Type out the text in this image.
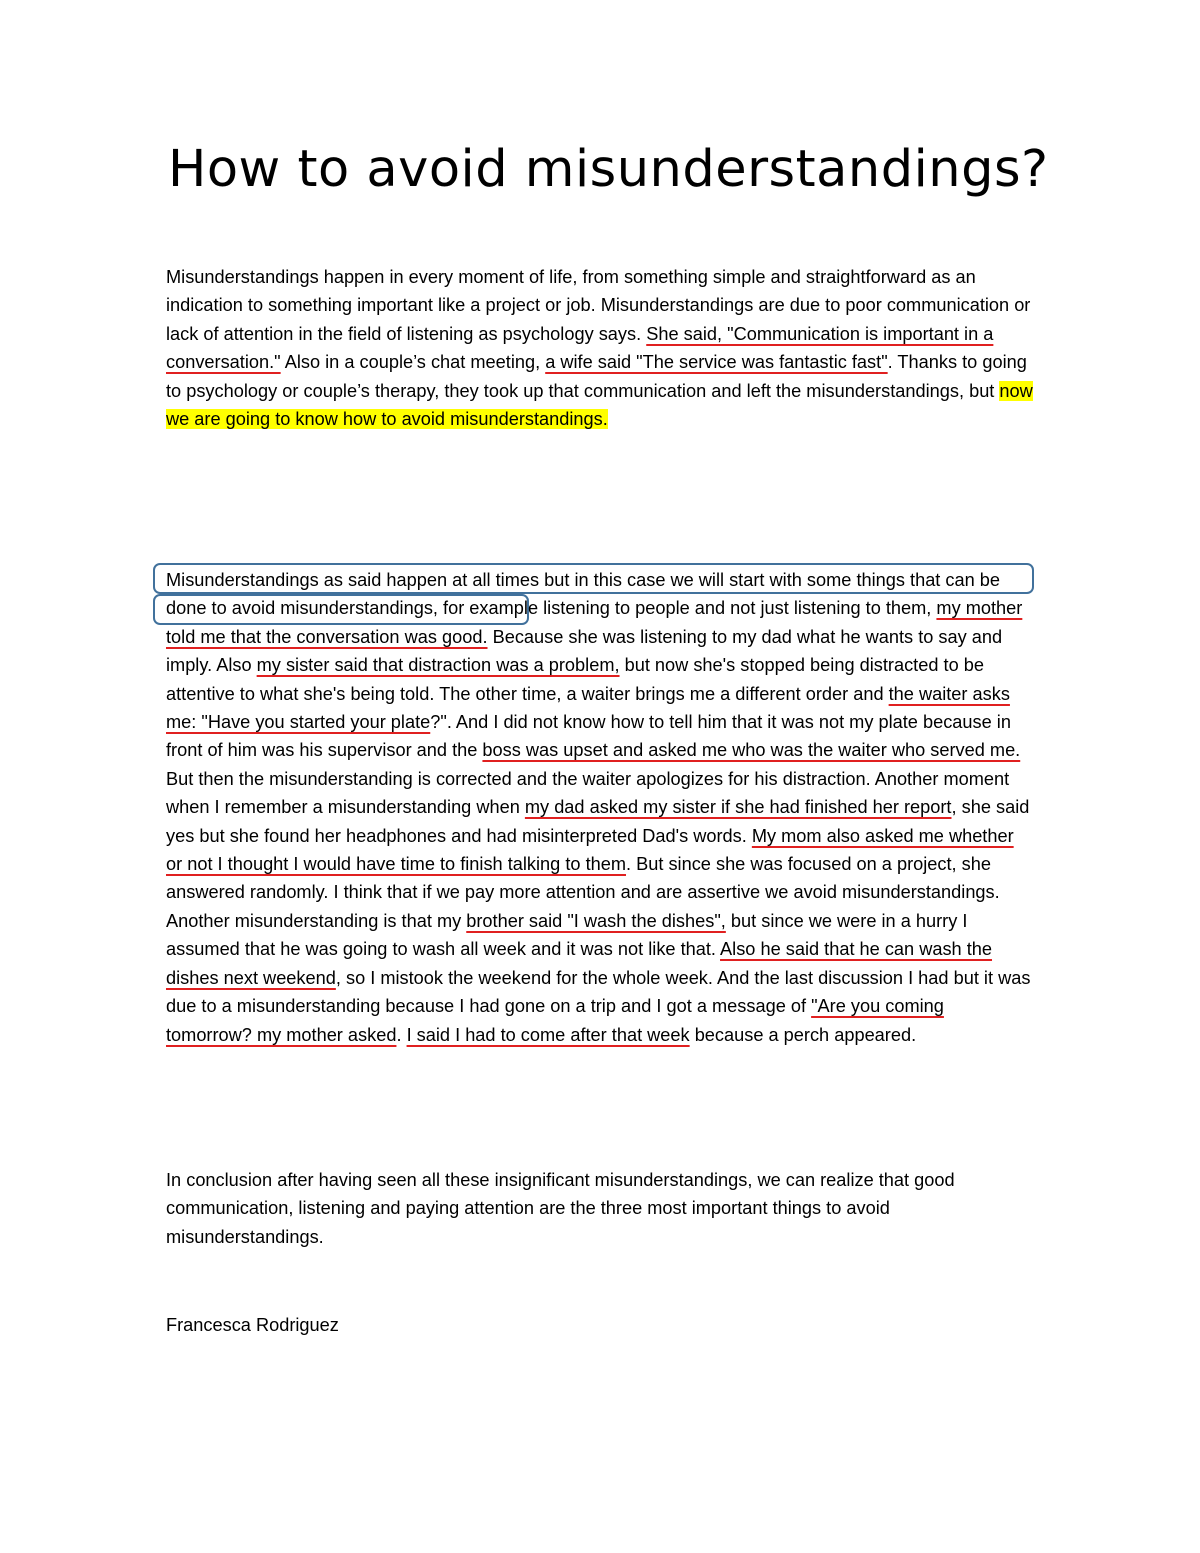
How to avoid misunderstandings?

Misunderstandings happen in every moment of life, from something simple and straightforward as an indication to something important like a project or job. Misunderstandings are due to poor communication or lack of attention in the field of listening as psychology says. She said, "Communication is important in a conversation." Also in a couple’s chat meeting, a wife said "The service was fantastic fast". Thanks to going to psychology or couple’s therapy, they took up that communication and left the misunderstandings, but now we are going to know how to avoid misunderstandings.

Misunderstandings as said happen at all times but in this case we will start with some things that can be done to avoid misunderstandings, for example listening to people and not just listening to them, my mother told me that the conversation was good. Because she was listening to my dad what he wants to say and imply. Also my sister said that distraction was a problem, but now she's stopped being distracted to be attentive to what she's being told. The other time, a waiter brings me a different order and the waiter asks me: "Have you started your plate?". And I did not know how to tell him that it was not my plate because in front of him was his supervisor and the boss was upset and asked me who was the waiter who served me. But then the misunderstanding is corrected and the waiter apologizes for his distraction. Another moment when I remember a misunderstanding when my dad asked my sister if she had finished her report, she said yes but she found her headphones and had misinterpreted Dad's words. My mom also asked me whether or not I thought I would have time to finish talking to them. But since she was focused on a project, she answered randomly. I think that if we pay more attention and are assertive we avoid misunderstandings. Another misunderstanding is that my brother said "I wash the dishes", but since we were in a hurry I assumed that he was going to wash all week and it was not like that. Also he said that he can wash the dishes next weekend, so I mistook the weekend for the whole week. And the last discussion I had but it was due to a misunderstanding because I had gone on a trip and I got a message of "Are you coming tomorrow? my mother asked. I said I had to come after that week because a perch appeared.

In conclusion after having seen all these insignificant misunderstandings, we can realize that good communication, listening and paying attention are the three most important things to avoid misunderstandings.

Francesca Rodriguez
